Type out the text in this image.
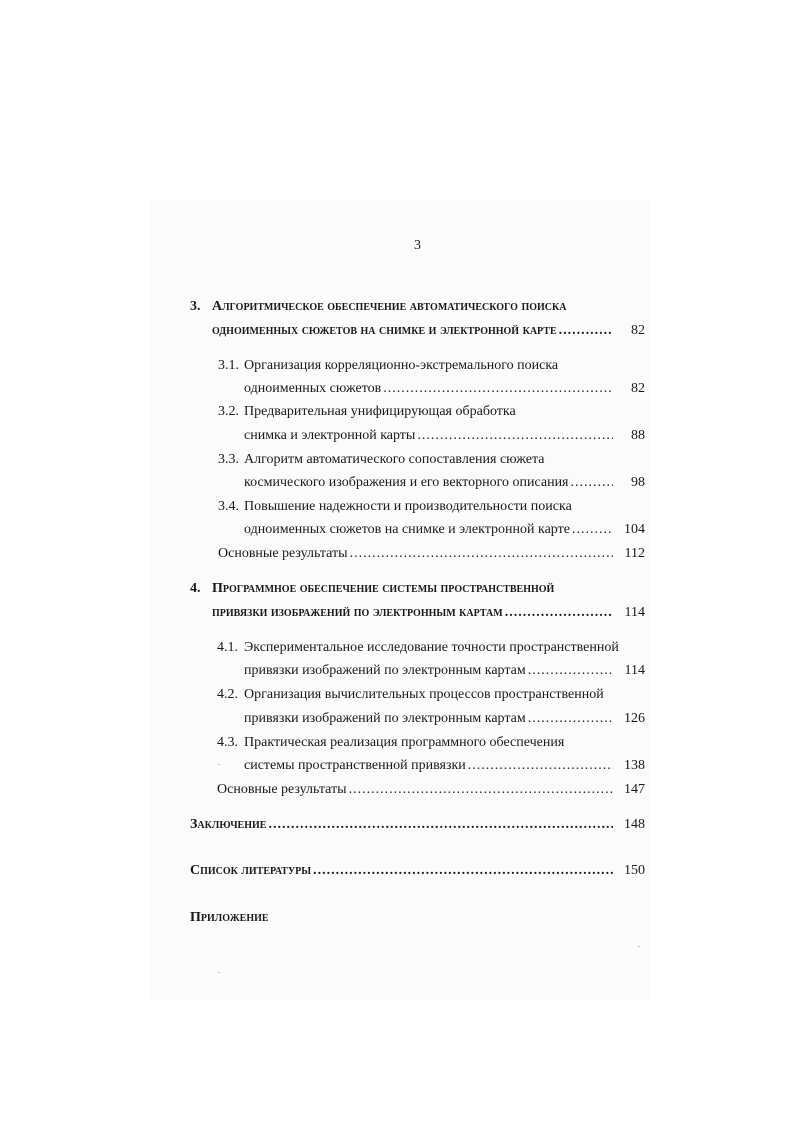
3
3. Алгоритмическое обеспечение автоматического поиска
одноименных сюжетов на снимке и электронной карте .....	82
3.1. Организация корреляционно-экстремального поиска
одноименных сюжетов .....	82
3.2. Предварительная унифицирующая обработка
снимка и электронной карты .....	88
3.3. Алгоритм автоматического сопоставления сюжета
космического изображения и его векторного описания .....	98
3.4. Повышение надежности и производительности поиска
одноименных сюжетов на снимке и электронной карте .....	104
Основные результаты .....	112
4. Программное обеспечение системы пространственной
привязки изображений по электронным картам .....	114
4.1. Экспериментальное исследование точности пространственной
привязки изображений по электронным картам .....	114
4.2. Организация вычислительных процессов пространственной
привязки изображений по электронным картам .....	126
4.3. Практическая реализация программного обеспечения
системы пространственной привязки .....	138
Основные результаты .....	147
Заключение .....	148
Список литературы .....	150
Приложение
